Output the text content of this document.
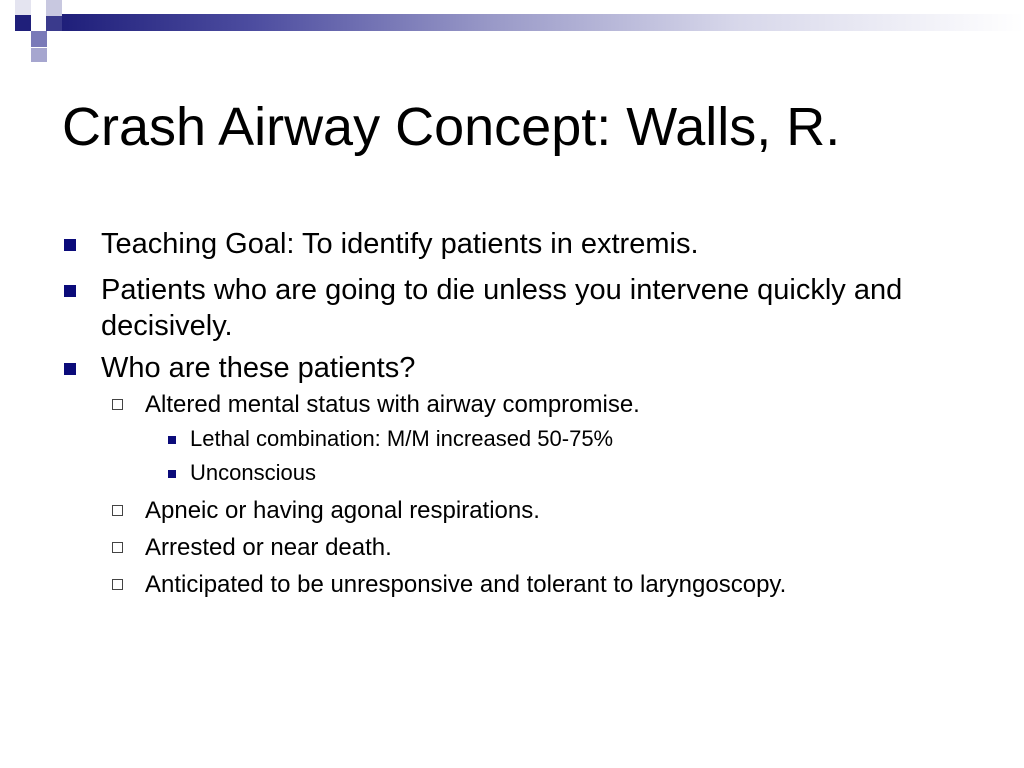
Crash Airway Concept: Walls, R.
Teaching Goal: To identify patients in extremis.
Patients who are going to die unless you intervene quickly and decisively.
Who are these patients?
Altered mental status with airway compromise.
Lethal combination: M/M increased 50-75%
Unconscious
Apneic or having agonal respirations.
Arrested or near death.
Anticipated to be unresponsive and tolerant to laryngoscopy.
